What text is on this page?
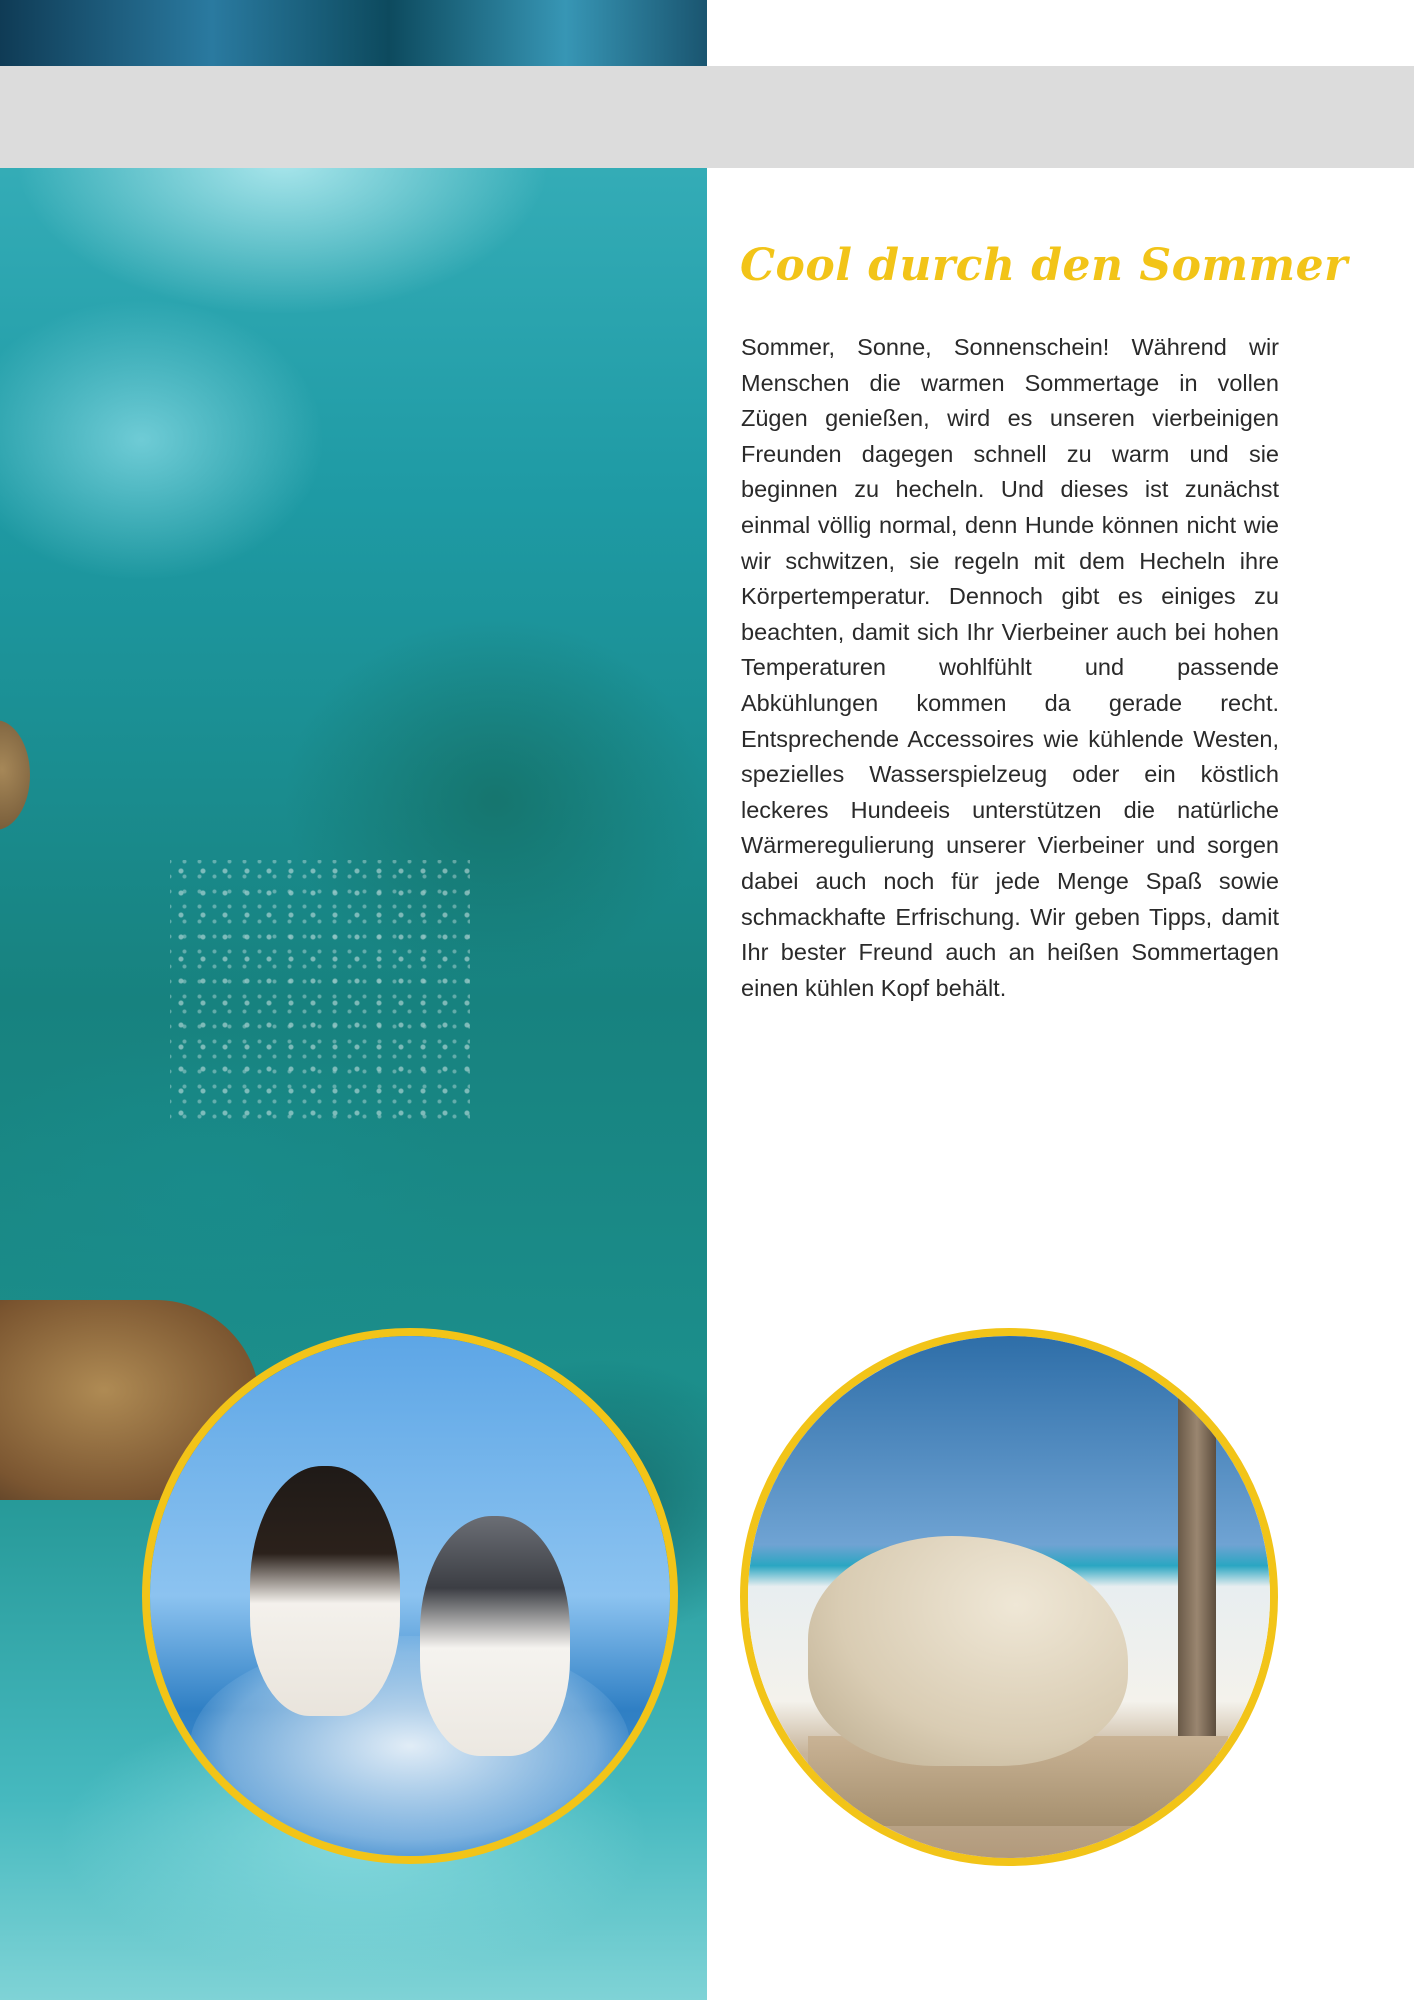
Cool durch den Sommer

Sommer, Sonne, Sonnenschein! Während wir Menschen die warmen Sommertage in vollen Zügen genießen, wird es unseren vierbeinigen Freunden dagegen schnell zu warm und sie beginnen zu hecheln. Und dieses ist zunächst einmal völlig normal, denn Hunde können nicht wie wir schwitzen, sie regeln mit dem Hecheln ihre Körpertemperatur. Dennoch gibt es einiges zu beachten, damit sich Ihr Vierbeiner auch bei hohen Temperaturen wohlfühlt und passende Abkühlungen kommen da gerade recht. Entsprechende Accessoires wie kühlende Westen, spezielles Wasserspielzeug oder ein köstlich leckeres Hundeeis unterstützen die natürliche Wärmeregulierung unserer Vierbeiner und sorgen dabei auch noch für jede Menge Spaß sowie schmackhafte Erfrischung. Wir geben Tipps, damit Ihr bester Freund auch an heißen Sommertagen einen kühlen Kopf behält.
